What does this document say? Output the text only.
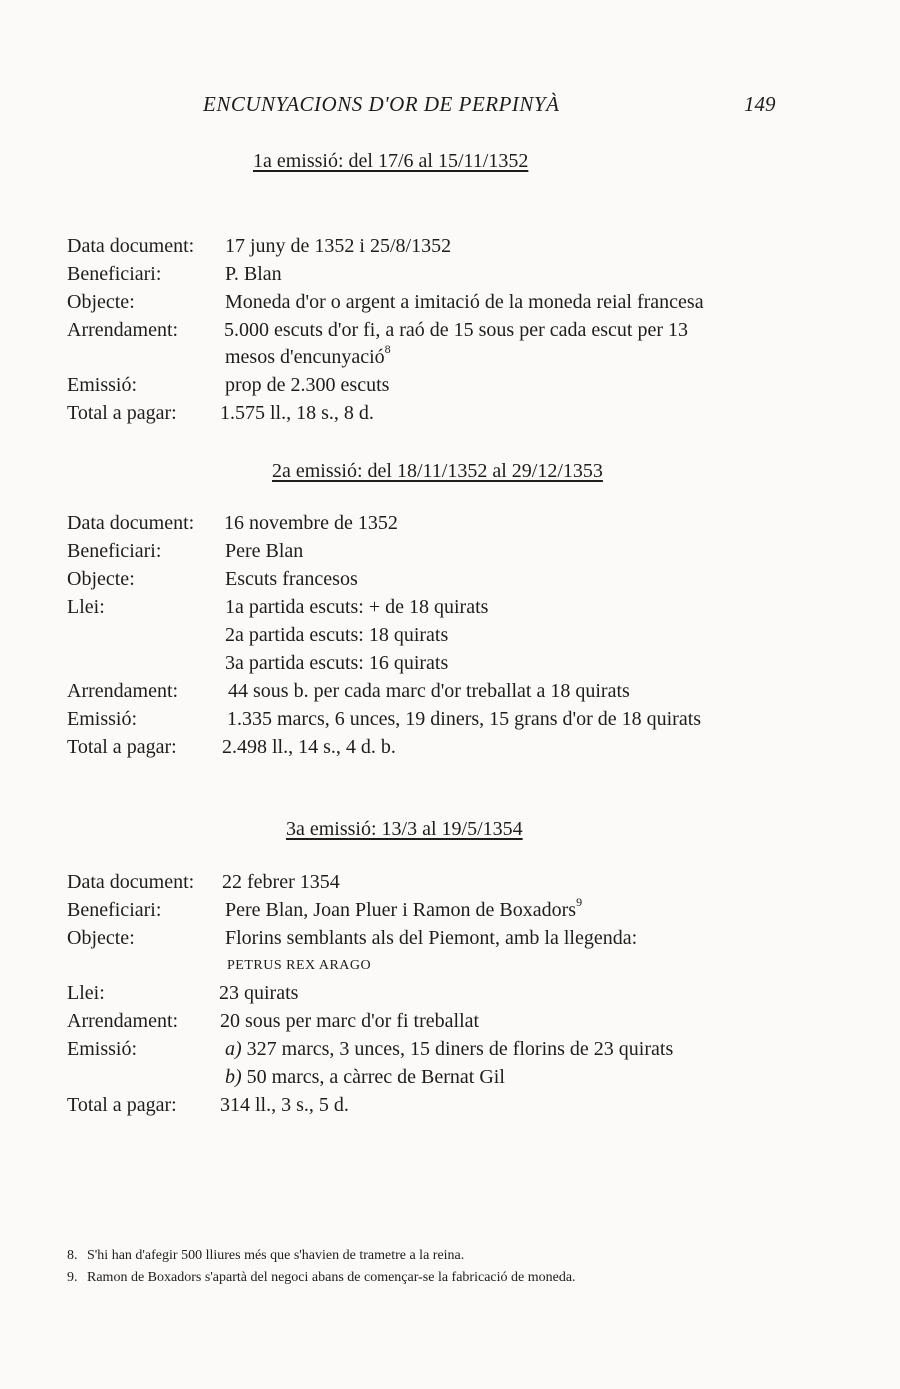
ENCUNYACIONS D'OR DE PERPINYÀ	149
1a emissió: del 17/6 al 15/11/1352
Data document: 17 juny de 1352 i 25/8/1352
Beneficiari:	P. Blan
Objecte:	Moneda d'or o argent a imitació de la moneda reial francesa
Arrendament: 5.000 escuts d'or fi, a raó de 15 sous per cada escut per 13
mesos d'encunyació$^8$
Emissió:	prop de 2.300 escuts
Total a pagar: 1.575 ll., 18 s., 8 d.
2a emissió: del 18/11/1352 al 29/12/1353
Data document: 16 novembre de 1352
Beneficiari:	Pere Blan
Objecte:	Escuts francesos
Llei:	1a partida escuts: + de 18 quirats
2a partida escuts: 18 quirats
3a partida escuts: 16 quirats
Arrendament: 44 sous b. per cada marc d'or treballat a 18 quirats
Emissió:	1.335 marcs, 6 unces, 19 diners, 15 grans d'or de 18 quirats
Total a pagar: 2.498 ll., 14 s., 4 d. b.
3a emissió: 13/3 al 19/5/1354
Data document: 22 febrer 1354
Beneficiari:	Pere Blan, Joan Pluer i Ramon de Boxadors$^9$
Objecte:	Florins semblants als del Piemont, amb la llegenda:
PETRUS REX ARAGO
Llei:	23 quirats
Arrendament: 20 sous per marc d'or fi treballat
Emissió:	a) 327 marcs, 3 unces, 15 diners de florins de 23 quirats
b) 50 marcs, a càrrec de Bernat Gil
Total a pagar: 314 ll., 3 s., 5 d.
8. S'hi han d'afegir 500 lliures més que s'havien de trametre a la reina.
9. Ramon de Boxadors s'apartà del negoci abans de començar-se la fabricació de moneda.
